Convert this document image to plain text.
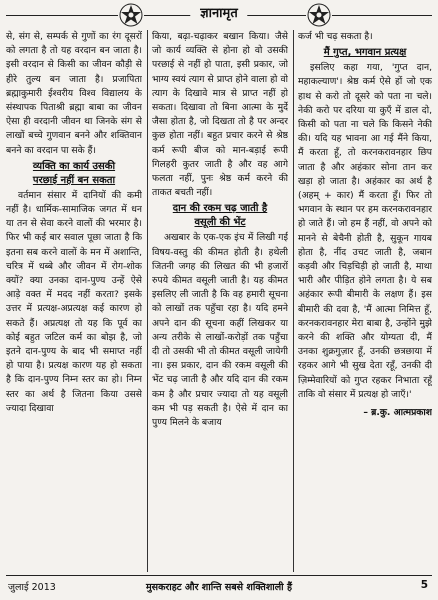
ज्ञानामृत

से, संग से, सम्पर्क से गुणों का रंग दूसरों को लगता है तो यह वरदान बन जाता है। इसी वरदान से किसी का जीवन कौड़ी से हीरे तुल्य बन जाता है। प्रजापिता ब्रह्माकुमारी ईश्वरीय विश्व विद्यालय के संस्थापक पिताश्री ब्रह्मा बाबा का जीवन ऐसा ही वरदानी जीवन था जिनके संग से लाखों बच्चे गुणवान बनने और शक्तिवान बनने का वरदान पा सके हैं।

व्यक्ति का कार्य उसकी
परछाई नहीं बन सकता

वर्तमान संसार में दानियों की कमी नहीं है। धार्मिक-सामाजिक जगत में धन या तन से सेवा करने वालों की भरमार है। फिर भी कई बार सवाल पूछा जाता है कि इतना सब करने वालों के मन में अशान्ति, चरित्र में धब्बे और जीवन में रोग-शोक क्यों? क्या उनका दान-पुण्य उन्हें ऐसे आड़े वक्त में मदद नहीं करता? इसके उत्तर में प्रत्यक्ष-अप्रत्यक्ष कई कारण हो सकते हैं। अप्रत्यक्ष तो यह कि पूर्व का कोई बहुत जटिल कर्म का बोझ है, जो इतने दान-पुण्य के बाद भी समाप्त नहीं हो पाया है। प्रत्यक्ष कारण यह हो सकता है कि दान-पुण्य निम्न स्तर का हो। निम्न स्तर का अर्थ है जितना किया उससे ज्यादा दिखावा

किया, बढ़ा-चढ़ाकर बखान किया। जैसे जो कार्य व्यक्ति से होना हो वो उसकी परछाई से नहीं हो पाता, इसी प्रकार, जो भाग्य स्वयं त्याग से प्राप्त होने वाला हो वो त्याग के दिखावे मात्र से प्राप्त नहीं हो सकता। दिखावा तो बिना आत्मा के मुर्दे जैसा होता है, जो दिखता तो है पर अन्दर कुछ होता नहीं। बहुत प्रचार करने से श्रेष्ठ कर्म रूपी बीज को मान-बड़ाई रूपी गिलहरी कुतर जाती है और वह आगे फलता नहीं, पुनः श्रेष्ठ कर्म करने की ताकत बचती नहीं।

दान की रकम चढ़ जाती है
वसूली की भेंट

अखबार के एक-एक इंच में लिखी गई विषय-वस्तु की कीमत होती है। हथेली जितनी जगह की लिखत की भी हजारों रुपये कीमत वसूली जाती है। यह कीमत इसलिए ली जाती है कि वह हमारी सूचना को लाखों तक पहुँचा रहा है। यदि हमने अपने दान की सूचना कहीं लिखकर या अन्य तरीके से लाखों-करोड़ों तक पहुँचा दी तो उसकी भी तो कीमत वसूली जायेगी ना। इस प्रकार, दान की रकम वसूली की भेंट चढ़ जाती है और यदि दान की रकम कम है और प्रचार ज्यादा तो यह वसूली कम भी पड़ सकती है। ऐसे में दान का पुण्य मिलने के बजाय

कर्ज भी चढ़ सकता है।

मैं गुप्त, भगवान प्रत्यक्ष

इसलिए कहा गया, 'गुप्त दान, महाकल्याण'। श्रेष्ठ कर्म ऐसे हों जो एक हाथ से करो तो दूसरे को पता ना चले। नेकी करो पर दरिया या कुएँ में डाल दो, किसी को पता ना चले कि किसने नेकी की। यदि यह भावना आ गई मैंने किया, मैं करता हूँ, तो करनकरावनहार छिप जाता है और अहंकार सोना तान कर खड़ा हो जाता है। अहंकार का अर्थ है (अहम् + कार) मैं करता हूँ। फिर तो भगवान के स्थान पर हम करनकरावनहार हो जाते हैं। जो हम हैं नहीं, वो अपने को मानने से बेचैनी होती है, सुकून गायब होता है, नींद उचट जाती है, जबान कड़वी और चिड़चिड़ी हो जाती है, माथा भारी और पीड़ित होने लगता है। ये सब अहंकार रूपी बीमारी के लक्षण हैं। इस बीमारी की दवा है, 'मैं आत्मा निमित्त हूँ, करनकरावनहार मेरा बाबा है, उन्होंने मुझे करने की शक्ति और योग्यता दी, मैं उनका शुक्रगुज़ार हूँ, उनकी छत्रछाया में रहकर आगे भी सुख देता रहूँ, उनकी दी ज़िम्मेवारियों को गुप्त रहकर निभाता रहूँ ताकि वो संसार में प्रत्यक्ष हो जाएँ।'

– ब्र.कु. आत्मप्रकाश

जुलाई 2013	मुसकराहट और शान्ति सबसे शक्तिशाली हैं	5
